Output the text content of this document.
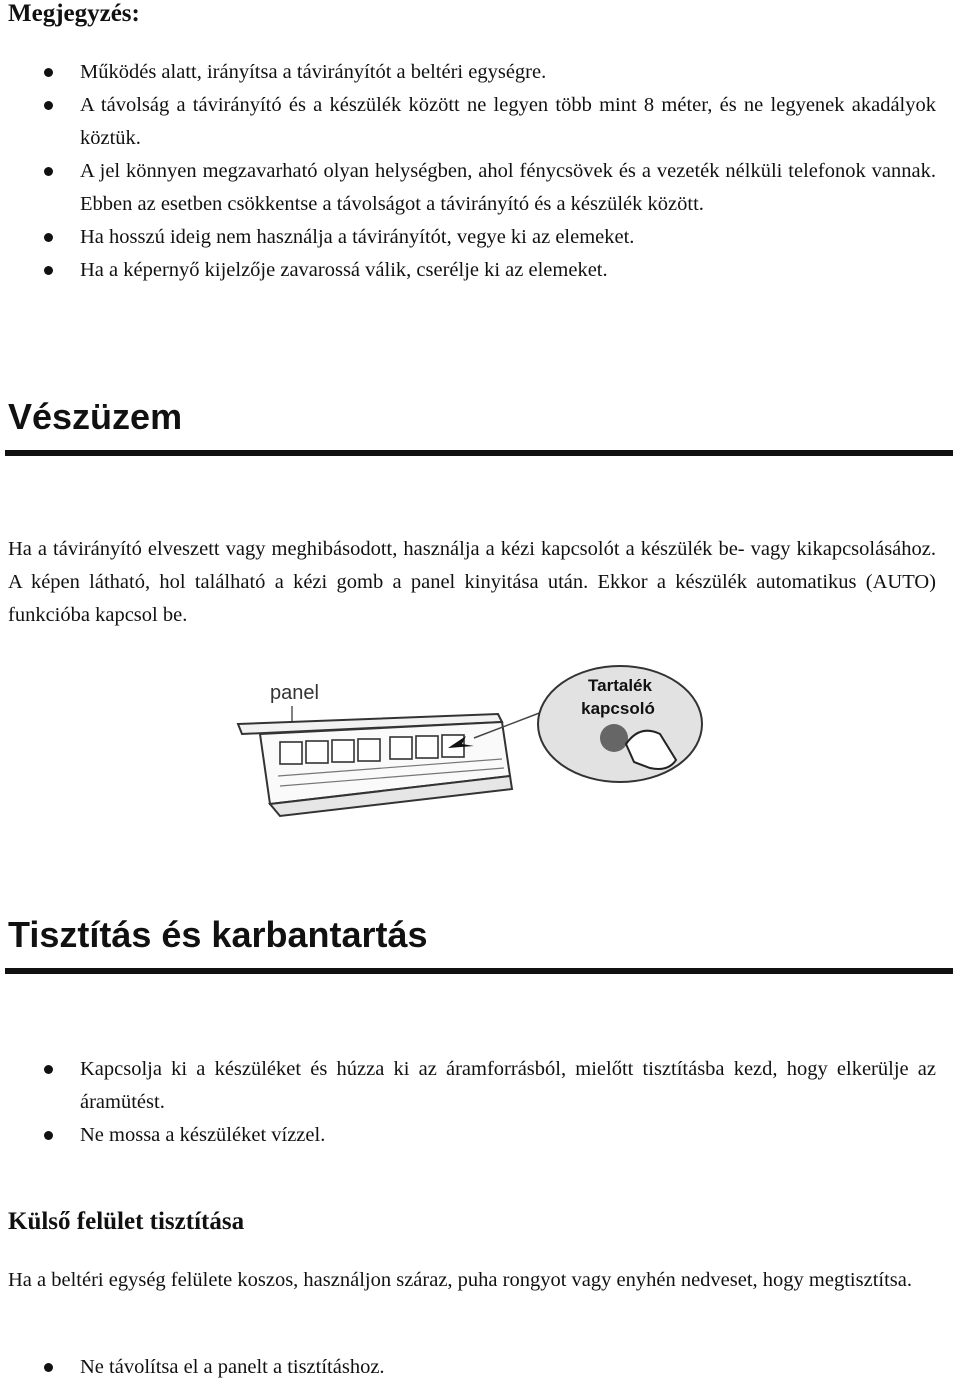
Megjegyzés:
Működés alatt, irányítsa a távirányítót a beltéri egységre.
A távolság a távirányító és a készülék között ne legyen több mint 8 méter, és ne legyenek akadályok köztük.
A jel könnyen megzavarható olyan helységben, ahol fénycsövek és a vezeték nélküli telefonok vannak. Ebben az esetben csökkentse a távolságot a távirányító és a készülék között.
Ha hosszú ideig nem használja a távirányítót, vegye ki az elemeket.
Ha a képernyő kijelzője zavarossá válik, cserélje ki az elemeket.
Vészüzem

Ha a távirányító elveszett vagy meghibásodott, használja a kézi kapcsolót a készülék be- vagy kikapcsolásához. A képen látható, hol található a kézi gomb a panel kinyitása után. Ekkor a készülék automatikus (AUTO) funkcióba kapcsol be.

panel	Tartalék
kapcsoló
Tisztítás és karbantartás
Kapcsolja ki a készüléket és húzza ki az áramforrásból, mielőtt tisztításba kezd, hogy elkerülje az áramütést.
Ne mossa a készüléket vízzel.
Külső felület tisztítása

Ha a beltéri egység felülete koszos, használjon száraz, puha rongyot vagy enyhén nedveset, hogy megtisztítsa.

Ne távolítsa el a panelt a tisztításhoz.
